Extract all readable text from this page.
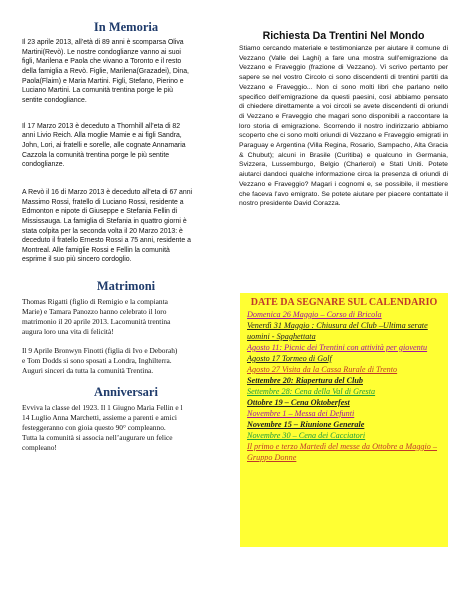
In Memoria

Il 23 aprile 2013, all’età di 89 anni è scomparsa Oliva
Martini(Revò). Le nostre condoglianze vanno ai suoi
figli, Marilena e Paola che vivano a Toronto e il resto
della famiglia a Revò. Figlie, Marilena(Grazadei), Dina,
Paola(Flaim) e Maria Martini. Figli, Stefano, Pierino e
Luciano Martini. La comunità trentina porge le più
sentite condogliance.

Il 17 Marzo 2013 è deceduto a Thornhill all’eta di 82
anni Livio Reich. Alla moglie Mamie e ai figli Sandra,
John, Lori, ai fratelli e sorelle, alle cognate Annamaria
Cazzola la comunità trentina porge le più sentite
condoglianze.

A Revò il 16 di Marzo 2013 è deceduto all’eta di 67 anni
Massimo Rossi, fratello di Luciano Rossi, residente a
Edmonton e nipote di Giuseppe e Stefania Fellin di
Mississauga. La famiglia di Stefania in quattro giorni è
stata colpita per la seconda volta il 20 Marzo 2013: è
deceduto il fratello Ernesto Rossi a 75 anni, residente a
Montreal. Alle famiglie Rossi e Fellin la comunità
esprime il suo più sincero cordoglio.

Matrimoni

Thomas Rigatti (figlio di Remigio e la compianta
Marie) e Tamara Panozzo hanno celebrato il loro
matrimonio il 20 aprile 2013. Lacomunità trentina
augura loro una vita di felicità!

Il 9 Aprile Bronwyn Finotti (figlia di Ivo e Deborah)
e Tom Dodds si sono sposati a Londra, Inghilterra.
Auguri sinceri da tutta la comunità Trentina.

Anniversari

Evviva la classe del 1923. Il 1 Giugno Maria Fellin e l
14 Luglio Anna Marchetti, assieme a parenti e amici
festeggeranno con gioia questo 90° compleanno.
Tutta la comunità si associa nell’augurare un felice
compleano!

Richiesta Da Trentini Nel Mondo

Stiamo cercando materiale e testimonianze per aiutare il comune di Vezzano (Valle dei Laghi) a fare una mostra sull’emigrazione da Vezzano e Fraveggio (frazione di Vezzano). Vi scrivo pertanto per sapere se nel vostro Circolo ci sono discendenti di trentini partiti da Vezzano e Fraveggio... Non ci sono molti libri che parlano nello specifico dell’emigrazione da questi paesini, così abbiamo pensato di chiedere direttamente a voi circoli se avete discendenti di oriundi di Vezzano e Fraveggio che magari sono disponibili a raccontare la loro storia di emigrazione. Scorrendo il nostro indirizzario abbiamo scoperto che ci sono molti oriundi di Vezzano e Fraveggio emigrati in Paraguay e Argentina (Villa Regina, Rosario, Sampacho, Alta Gracia & Chubut); alcuni in Brasile (Curitiba) e qualcuno in Germania, Svizzera, Lussemburgo, Belgio (Charleroi) e Stati Uniti. Potete aiutarci dandoci qualche informazione circa la presenza di oriundi di Vezzano e Fraveggio? Magari i cognomi e, se possibile, il mestiere che faceva l’avo emigrato. Se potete aiutare per piacere contattate il nostro presidente David Corazza.

DATE DA SEGNARE SUL CALENDARIO

Domenica 26 Maggio – Corso di Bricola

Venerdì 31 Maggio : Chiusura del Club –Ultima serate uomini - Spaghettata

Agosto 11: Picnic dei Trentini con attività per gioventu

Agosto 17 Tormeo di Golf

Agosto 27 Visita da la Cassa Rurale di Trento

Settembre 20: Riapertura del Club

Settembre 28: Cena della Val di Gresta

Ottobre 19 – Cena Oktoberfest

Novembre 1 – Messa dei Defunti

Novembre 15 – Riunione Generale

Novembre 30 – Cena dei Cacciatori

Il primo e terzo Martedì del messe da Ottobre a Maggio – Gruppo Donne
